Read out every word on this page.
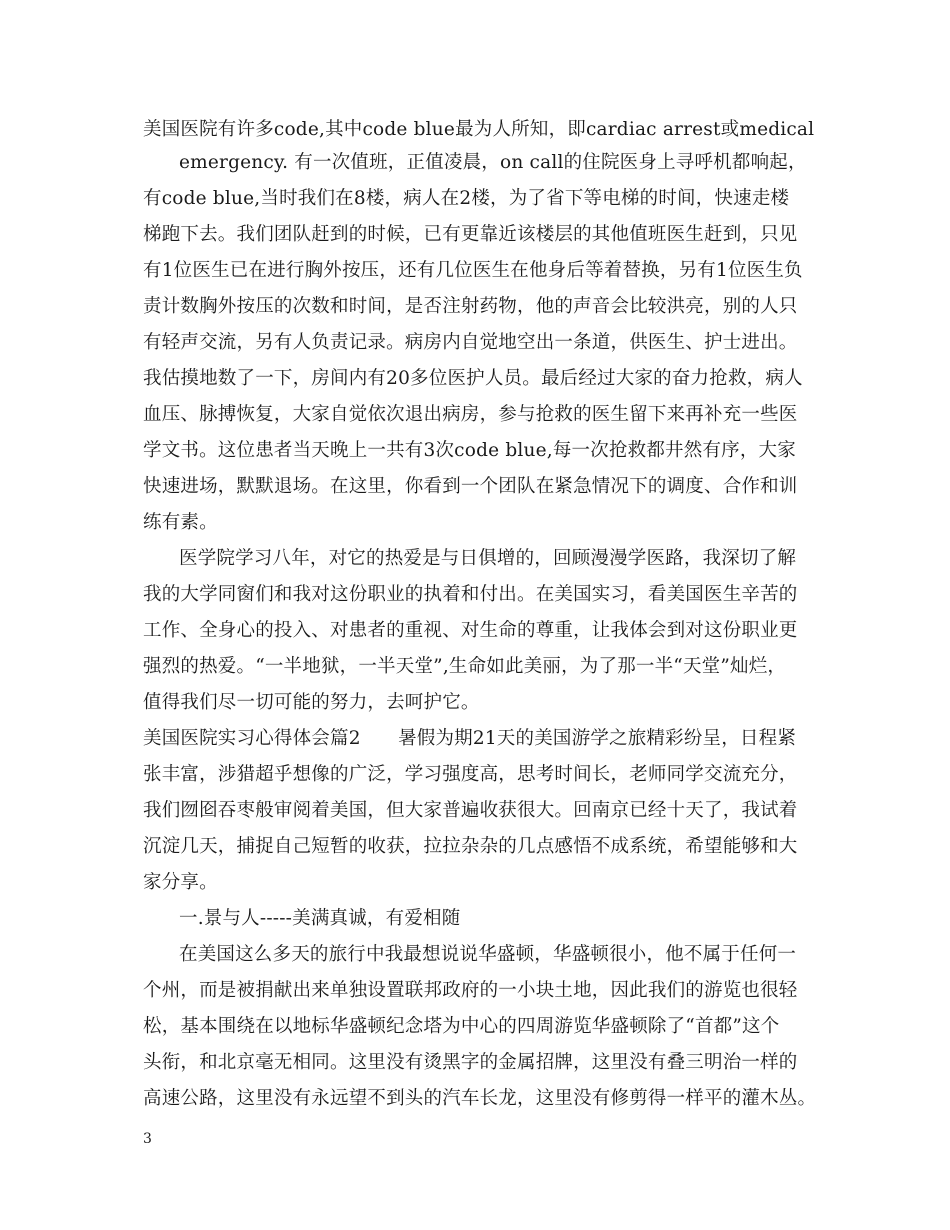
美国医院有许多code,其中code blue最为人所知，即cardiac arrest或medical
emergency. 有一次值班，正值凌晨，on call的住院医身上寻呼机都响起，
有code blue,当时我们在8楼，病人在2楼，为了省下等电梯的时间，快速走楼
梯跑下去。我们团队赶到的时候，已有更靠近该楼层的其他值班医生赶到，只见
有1位医生已在进行胸外按压，还有几位医生在他身后等着替换，另有1位医生负
责计数胸外按压的次数和时间，是否注射药物，他的声音会比较洪亮，别的人只
有轻声交流，另有人负责记录。病房内自觉地空出一条道，供医生、护士进出。
我估摸地数了一下，房间内有20多位医护人员。最后经过大家的奋力抢救，病人
血压、脉搏恢复，大家自觉依次退出病房，参与抢救的医生留下来再补充一些医
学文书。这位患者当天晚上一共有3次code blue,每一次抢救都井然有序，大家
快速进场，默默退场。在这里，你看到一个团队在紧急情况下的调度、合作和训
练有素。
医学院学习八年，对它的热爱是与日俱增的，回顾漫漫学医路，我深切了解
我的大学同窗们和我对这份职业的执着和付出。在美国实习，看美国医生辛苦的
工作、全身心的投入、对患者的重视、对生命的尊重，让我体会到对这份职业更
强烈的热爱。“一半地狱，一半天堂”,生命如此美丽，为了那一半“天堂”灿烂，
值得我们尽一切可能的努力，去呵护它。
美国医院实习心得体会篇2　　暑假为期21天的美国游学之旅精彩纷呈，日程紧
张丰富，涉猎超乎想像的广泛，学习强度高，思考时间长，老师同学交流充分，
我们囫囵吞枣般审阅着美国，但大家普遍收获很大。回南京已经十天了，我试着
沉淀几天，捕捉自己短暂的收获，拉拉杂杂的几点感悟不成系统，希望能够和大
家分享。
一.景与人-----美满真诚，有爱相随
在美国这么多天的旅行中我最想说说华盛顿，华盛顿很小，他不属于任何一
个州，而是被捐献出来单独设置联邦政府的一小块土地，因此我们的游览也很轻
松，基本围绕在以地标华盛顿纪念塔为中心的四周游览华盛顿除了“首都”这个
头衔，和北京毫无相同。这里没有烫黑字的金属招牌，这里没有叠三明治一样的
高速公路，这里没有永远望不到头的汽车长龙，这里没有修剪得一样平的灌木丛。
3
